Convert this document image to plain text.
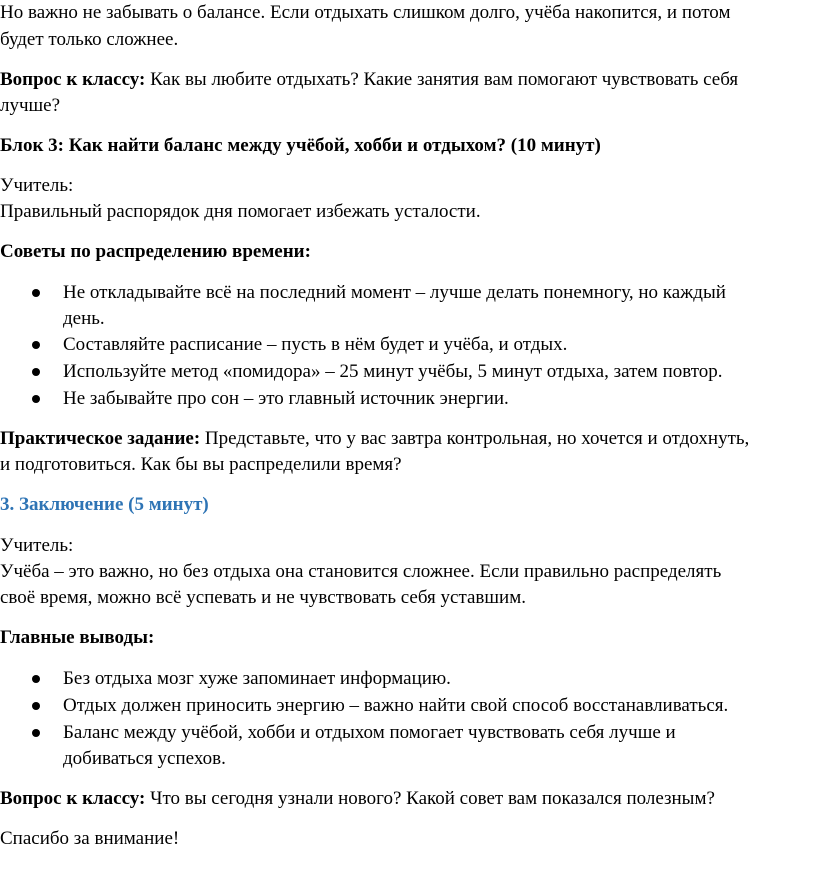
Но важно не забывать о балансе. Если отдыхать слишком долго, учёба накопится, и потом
будет только сложнее.
Вопрос к классу: Как вы любите отдыхать? Какие занятия вам помогают чувствовать себя
лучше?
Блок 3: Как найти баланс между учёбой, хобби и отдыхом? (10 минут)
Учитель:
Правильный распорядок дня помогает избежать усталости.
Советы по распределению времени:
Не откладывайте всё на последний момент – лучше делать понемногу, но каждый
день.
Составляйте расписание – пусть в нём будет и учёба, и отдых.
Используйте метод «помидора» – 25 минут учёбы, 5 минут отдыха, затем повтор.
Не забывайте про сон – это главный источник энергии.
Практическое задание: Представьте, что у вас завтра контрольная, но хочется и отдохнуть,
и подготовиться. Как бы вы распределили время?
3. Заключение (5 минут)
Учитель:
Учёба – это важно, но без отдыха она становится сложнее. Если правильно распределять
своё время, можно всё успевать и не чувствовать себя уставшим.
Главные выводы:
Без отдыха мозг хуже запоминает информацию.
Отдых должен приносить энергию – важно найти свой способ восстанавливаться.
Баланс между учёбой, хобби и отдыхом помогает чувствовать себя лучше и
добиваться успехов.
Вопрос к классу: Что вы сегодня узнали нового? Какой совет вам показался полезным?
Спасибо за внимание!
